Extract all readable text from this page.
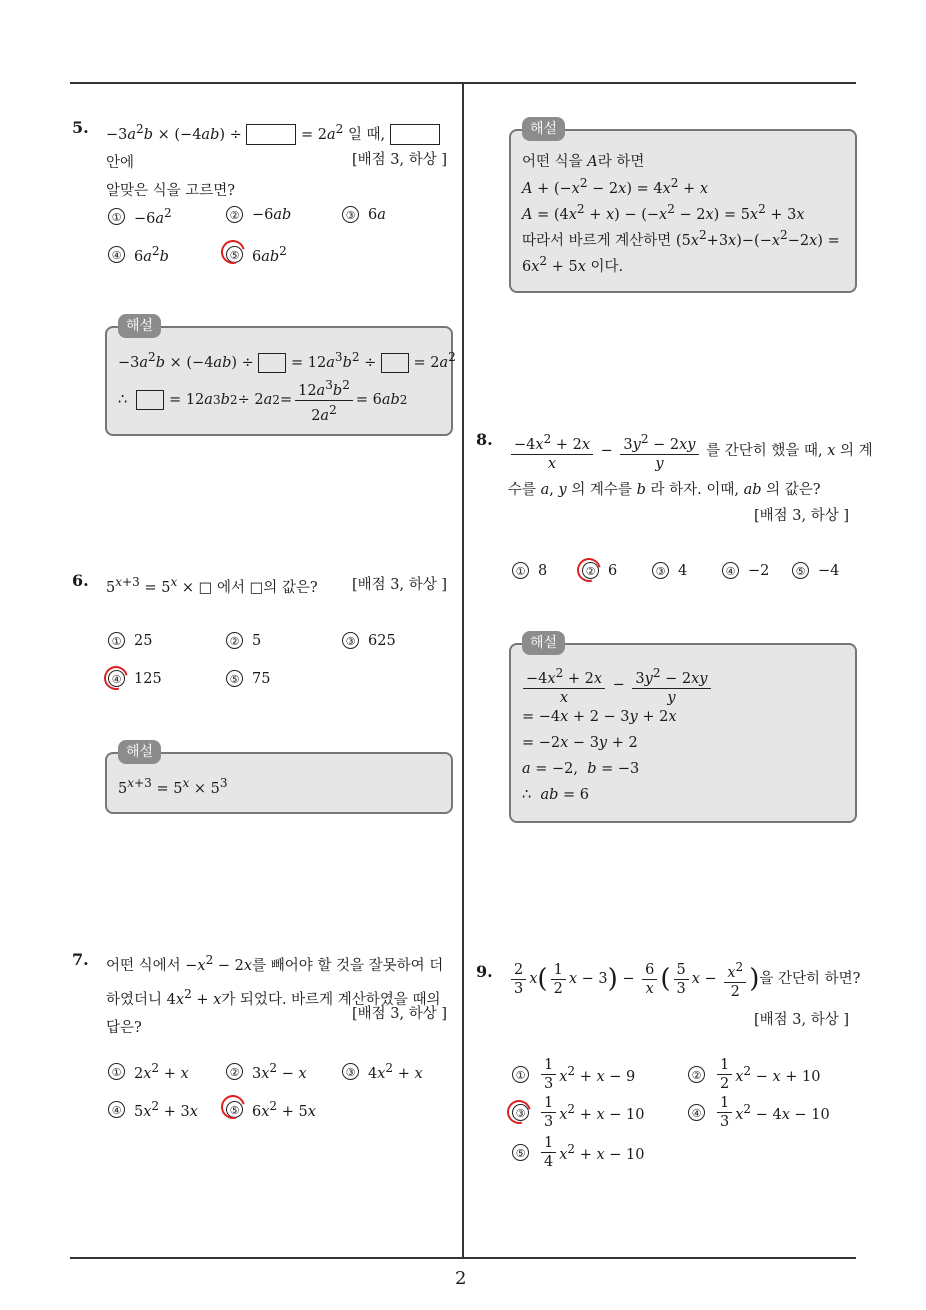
2
5. $-3a^2b \times (-4ab)$ ÷	= $2a^2$ 일 때,  안에
알맞은 식을 고르면?
[배점 3, 하상 ]
① $-6a^2$	② −6ab	③ 6a
④ $6a^2b$	⑤ $6ab^2$
해설
$-3a^2b \times (-4ab)$ ÷  = $12a^3b^2$ ÷  = $2a^2$
∴
	= 12 a 3 b 2 ÷ 2 a $2 = \frac{12a^3b^2}{2a^2} = 6$ ab 2
6. $5^{x+3} = 5^x$ × □ 에서 □의 값은? [배점 3, 하상 ]
① 25	② 5	③ 625
④ 125	⑤ 75
해설
$5^{x+3} = 5^x \times 5^3$
7. 어떤 식에서 $-x^2 - 2x$를 빼어야 할 것을 잘못하여 더
하였더니 $4x^2 + x$가 되었다. 바르게 계산하였을 때의
답은?
[배점 3, 하상 ]
① $2x^2 + x$	② $3x^2 - x$	③ $4x^2 + x$
④ $5x^2 + 3x$	⑤ $6x^2 + 5x$
해설
어떤 식을 A라 하면
$A + (-x^2 - 2x) = 4x^2 + x$
$A = (4x^2 + x) - (-x^2 - 2x) = 5x^2 + 3x$
따라서 바르게 계산하면 $(5x^2+3x)-(-x^2-2x)$ =
$6x^2 + 5x$ 이다.
8. $\frac{-4x^2 + 2x}{x} - \frac{3y^2 - 2xy}{y}$
를 간단히 했을 때, x 의 계
수를 a, y 의 계수를 b 라 하자. 이때, ab 의 값은?
[배점 3, 하상 ]
① 8	② 6	③ 4	④ −2	⑤ −4
해설
$\frac{-4x^2 + 2x}{x} - \frac{3y^2 - 2xy}{y}$
= −4x + 2 − 3y + 2x
= −2x − 3y + 2
a = −2,  b = −3
∴  ab = 6
9. $\frac{2}{3}$ x ( $\frac{1}{2}$ x − 3 ) − $\frac{6}{x}$ ( $\frac{5}{3}$ $x - \frac{x^2}{2}$ ) 을 간단히 하면?
[배점 3, 하상 ]
① $\frac{1}{3} x^2 + x - 9$	② $\frac{1}{2} x^2 - x + 10$
③ $\frac{1}{3} x^2 + x - 10$	④ $\frac{1}{3} x^2 - 4x - 10$
⑤ $\frac{1}{4} x^2 + x - 10$
